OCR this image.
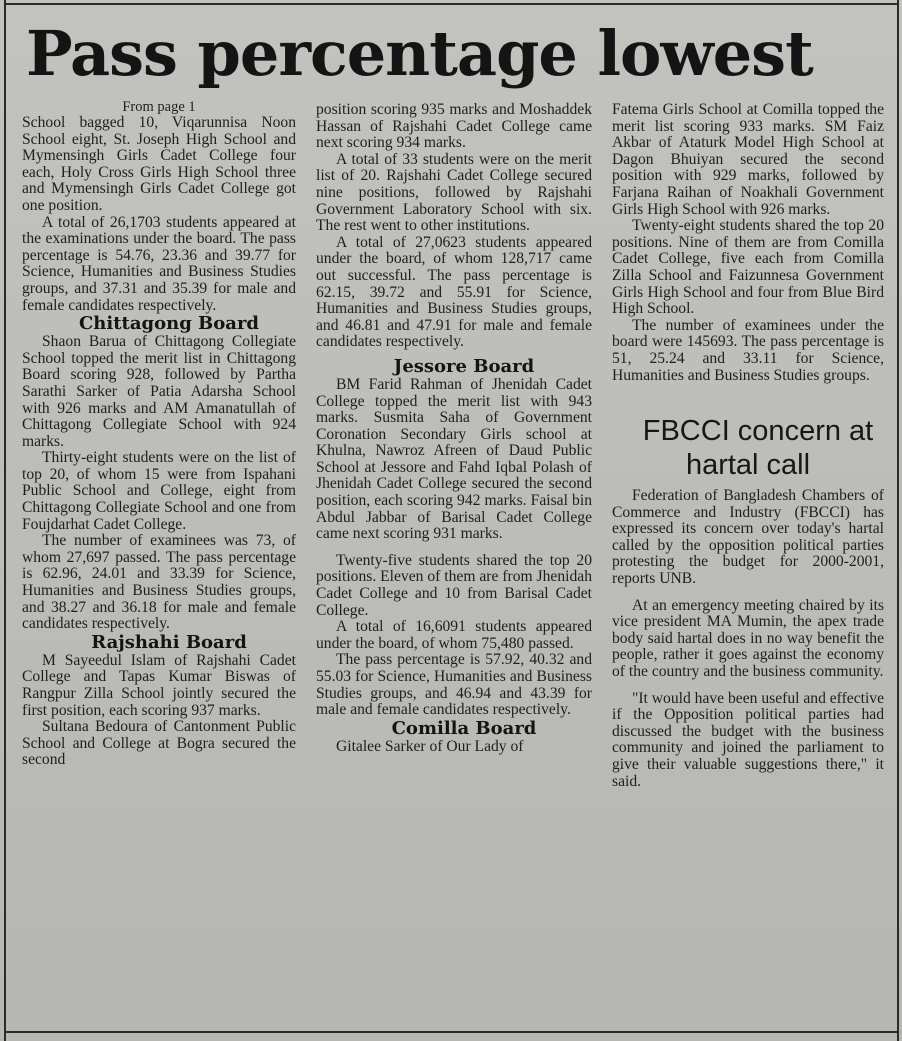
Pass percentage lowest

From page 1

School bagged 10, Viqarunnisa Noon School eight, St. Joseph High School and Mymensingh Girls Cadet College four each, Holy Cross Girls High School three and Mymensingh Girls Cadet College got one position.

A total of 26,1703 students appeared at the examinations under the board. The pass percentage is 54.76, 23.36 and 39.77 for Science, Humanities and Business Studies groups, and 37.31 and 35.39 for male and female candidates respectively.

Chittagong Board

Shaon Barua of Chittagong Collegiate School topped the merit list in Chittagong Board scoring 928, followed by Partha Sarathi Sarker of Patia Adarsha School with 926 marks and AM Amanatullah of Chittagong Collegiate School with 924 marks.

Thirty-eight students were on the list of top 20, of whom 15 were from Ispahani Public School and College, eight from Chittagong Collegiate School and one from Foujdarhat Cadet College.

The number of examinees was 73, of whom 27,697 passed. The pass percentage is 62.96, 24.01 and 33.39 for Science, Humanities and Business Studies groups, and 38.27 and 36.18 for male and female candidates respectively.

Rajshahi Board

M Sayeedul Islam of Rajshahi Cadet College and Tapas Kumar Biswas of Rangpur Zilla School jointly secured the first position, each scoring 937 marks.

Sultana Bedoura of Cantonment Public School and College at Bogra secured the second

position scoring 935 marks and Moshaddek Hassan of Rajshahi Cadet College came next scoring 934 marks.

A total of 33 students were on the merit list of 20. Rajshahi Cadet College secured nine positions, followed by Rajshahi Government Laboratory School with six. The rest went to other institutions.

A total of 27,0623 students appeared under the board, of whom 128,717 came out successful. The pass percentage is 62.15, 39.72 and 55.91 for Science, Humanities and Business Studies groups, and 46.81 and 47.91 for male and female candidates respectively.

Jessore Board

BM Farid Rahman of Jhenidah Cadet College topped the merit list with 943 marks. Susmita Saha of Government Coronation Secondary Girls school at Khulna, Nawroz Afreen of Daud Public School at Jessore and Fahd Iqbal Polash of Jhenidah Cadet College secured the second position, each scoring 942 marks. Faisal bin Abdul Jabbar of Barisal Cadet College came next scoring 931 marks.

Twenty-five students shared the top 20 positions. Eleven of them are from Jhenidah Cadet College and 10 from Barisal Cadet College.

A total of 16,6091 students appeared under the board, of whom 75,480 passed.

The pass percentage is 57.92, 40.32 and 55.03 for Science, Humanities and Business Studies groups, and 46.94 and 43.39 for male and female candidates respectively.

Comilla Board

Gitalee Sarker of Our Lady of

Fatema Girls School at Comilla topped the merit list scoring 933 marks. SM Faiz Akbar of Ataturk Model High School at Dagon Bhuiyan secured the second position with 929 marks, followed by Farjana Raihan of Noakhali Government Girls High School with 926 marks.

Twenty-eight students shared the top 20 positions. Nine of them are from Comilla Cadet College, five each from Comilla Zilla School and Faizunnesa Government Girls High School and four from Blue Bird High School.

The number of examinees under the board were 145693. The pass percentage is 51, 25.24 and 33.11 for Science, Humanities and Business Studies groups.

FBCCI concern at hartal call

Federation of Bangladesh Chambers of Commerce and Industry (FBCCI) has expressed its concern over today's hartal called by the opposition political parties protesting the budget for 2000-2001, reports UNB.

At an emergency meeting chaired by its vice president MA Mumin, the apex trade body said hartal does in no way benefit the people, rather it goes against the economy of the country and the business community.

"It would have been useful and effective if the Opposition political parties had discussed the budget with the business community and joined the parliament to give their valuable suggestions there," it said.
